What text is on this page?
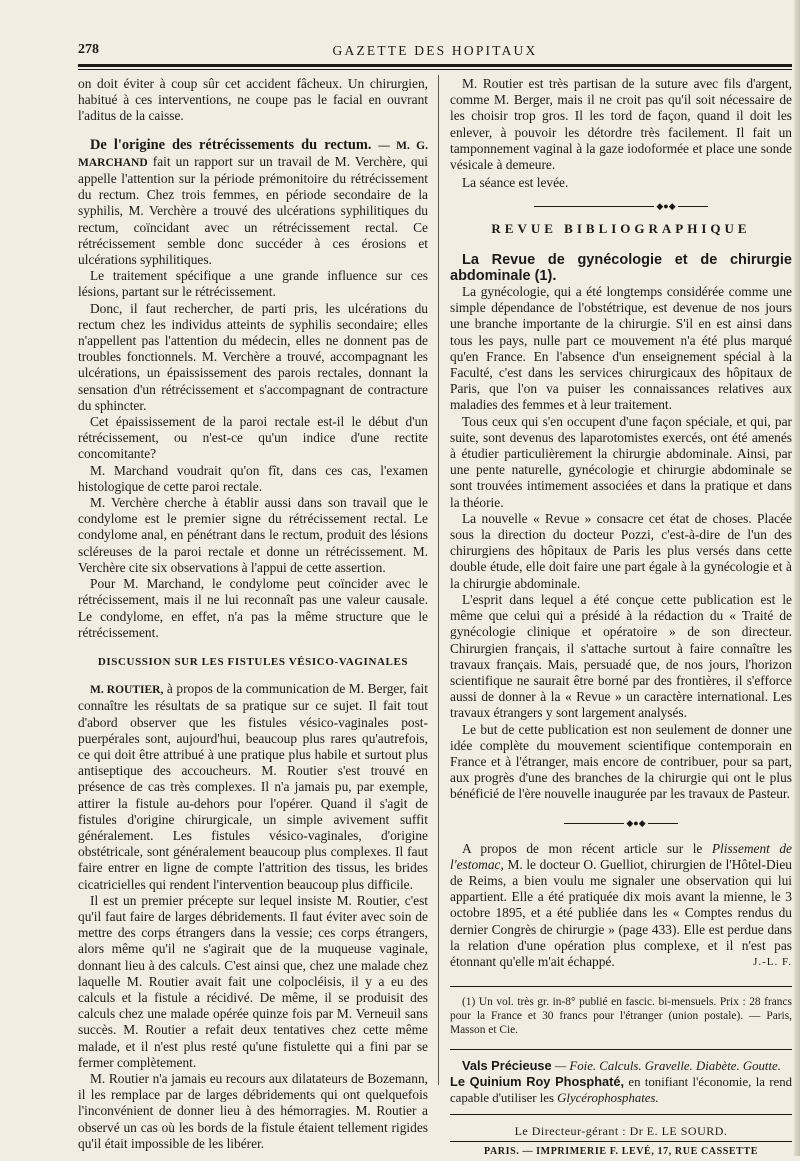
GAZETTE DES HOPITAUX
278

on doit éviter à coup sûr cet accident fâcheux. Un chirurgien, habitué à ces interventions, ne coupe pas le facial en ouvrant l'aditus de la caisse.

De l'origine des rétrécissements du rectum. — M. G. MARCHAND fait un rapport sur un travail de M. Verchère, qui appelle l'attention sur la période prémonitoire du rétrécissement du rectum. Chez trois femmes, en période secondaire de la syphilis, M. Verchère a trouvé des ulcérations syphilitiques du rectum, coïncidant avec un rétrécissement rectal. Ce rétrécissement semble donc succéder à ces érosions et ulcérations syphilitiques.

Le traitement spécifique a une grande influence sur ces lésions, partant sur le rétrécissement.

Donc, il faut rechercher, de parti pris, les ulcérations du rectum chez les individus atteints de syphilis secondaire; elles n'appellent pas l'attention du médecin, elles ne donnent pas de troubles fonctionnels. M. Verchère a trouvé, accompagnant les ulcérations, un épaississement des parois rectales, donnant la sensation d'un rétrécissement et s'accompagnant de contracture du sphincter.

Cet épaississement de la paroi rectale est-il le début d'un rétrécissement, ou n'est-ce qu'un indice d'une rectite concomitante?

M. Marchand voudrait qu'on fît, dans ces cas, l'examen histologique de cette paroi rectale.

M. Verchère cherche à établir aussi dans son travail que le condylome est le premier signe du rétrécissement rectal. Le condylome anal, en pénétrant dans le rectum, produit des lésions scléreuses de la paroi rectale et donne un rétrécissement. M. Verchère cite six observations à l'appui de cette assertion.

Pour M. Marchand, le condylome peut coïncider avec le rétrécissement, mais il ne lui reconnaît pas une valeur causale. Le condylome, en effet, n'a pas la même structure que le rétrécissement.

DISCUSSION SUR LES FISTULES VÉSICO-VAGINALES

M. ROUTIER, à propos de la communication de M. Berger, fait connaître les résultats de sa pratique sur ce sujet. Il fait tout d'abord observer que les fistules vésico-vaginales post-puerpérales sont, aujourd'hui, beaucoup plus rares qu'autrefois, ce qui doit être attribué à une pratique plus habile et surtout plus antiseptique des accoucheurs. M. Routier s'est trouvé en présence de cas très complexes. Il n'a jamais pu, par exemple, attirer la fistule au-dehors pour l'opérer. Quand il s'agit de fistules d'origine chirurgicale, un simple avivement suffit généralement. Les fistules vésico-vaginales, d'origine obstétricale, sont généralement beaucoup plus complexes. Il faut faire entrer en ligne de compte l'attrition des tissus, les brides cicatricielles qui rendent l'intervention beaucoup plus difficile.

Il est un premier précepte sur lequel insiste M. Routier, c'est qu'il faut faire de larges débridements. Il faut éviter avec soin de mettre des corps étrangers dans la vessie; ces corps étrangers, alors même qu'il ne s'agirait que de la muqueuse vaginale, donnant lieu à des calculs. C'est ainsi que, chez une malade chez laquelle M. Routier avait fait une colpocléisis, il y a eu des calculs et la fistule a récidivé. De même, il se produisit des calculs chez une malade opérée quinze fois par M. Verneuil sans succès. M. Routier a refait deux tentatives chez cette même malade, et il n'est plus resté qu'une fistulette qui a fini par se fermer complètement.

M. Routier n'a jamais eu recours aux dilatateurs de Bozemann, il les remplace par de larges débridements qui ont quelquefois l'inconvénient de donner lieu à des hémorragies. M. Routier a observé un cas où les bords de la fistule étaient tellement rigides qu'il était impossible de les libérer.

M. Routier est très partisan de la suture avec fils d'argent, comme M. Berger, mais il ne croit pas qu'il soit nécessaire de les choisir trop gros. Il les tord de façon, quand il doit les enlever, à pouvoir les détordre très facilement. Il fait un tamponnement vaginal à la gaze iodoformée et place une sonde vésicale à demeure.

La séance est levée.

◆●◆
REVUE BIBLIOGRAPHIQUE

La Revue de gynécologie et de chirurgie abdominale (1).

La gynécologie, qui a été longtemps considérée comme une simple dépendance de l'obstétrique, est devenue de nos jours une branche importante de la chirurgie. S'il en est ainsi dans tous les pays, nulle part ce mouvement n'a été plus marqué qu'en France. En l'absence d'un enseignement spécial à la Faculté, c'est dans les services chirurgicaux des hôpitaux de Paris, que l'on va puiser les connaissances relatives aux maladies des femmes et à leur traitement.

Tous ceux qui s'en occupent d'une façon spéciale, et qui, par suite, sont devenus des laparotomistes exercés, ont été amenés à étudier particulièrement la chirurgie abdominale. Ainsi, par une pente naturelle, gynécologie et chirurgie abdominale se sont trouvées intimement associées et dans la pratique et dans la théorie.

La nouvelle « Revue » consacre cet état de choses. Placée sous la direction du docteur Pozzi, c'est-à-dire de l'un des chirurgiens des hôpitaux de Paris les plus versés dans cette double étude, elle doit faire une part égale à la gynécologie et à la chirurgie abdominale.

L'esprit dans lequel a été conçue cette publication est le même que celui qui a présidé à la rédaction du « Traité de gynécologie clinique et opératoire » de son directeur. Chirurgien français, il s'attache surtout à faire connaître les travaux français. Mais, persuadé que, de nos jours, l'horizon scientifique ne saurait être borné par des frontières, il s'efforce aussi de donner à la « Revue » un caractère international. Les travaux étrangers y sont largement analysés.

Le but de cette publication est non seulement de donner une idée complète du mouvement scientifique contemporain en France et à l'étranger, mais encore de contribuer, pour sa part, aux progrès d'une des branches de la chirurgie qui ont le plus bénéficié de l'ère nouvelle inaugurée par les travaux de Pasteur.

◆●◆

A propos de mon récent article sur le Plissement de l'estomac, M. le docteur O. Guelliot, chirurgien de l'Hôtel-Dieu de Reims, a bien voulu me signaler une observation qui lui appartient. Elle a été pratiquée dix mois avant la mienne, le 3 octobre 1895, et a été publiée dans les « Comptes rendus du dernier Congrès de chirurgie » (page 433). Elle est perdue dans la relation d'une opération plus complexe, et il n'est pas étonnant qu'elle m'ait échappé.	J.-L. F.

(1) Un vol. très gr. in-8° publié en fascic. bi-mensuels. Prix : 28 francs pour la France et 30 francs pour l'étranger (union postale). — Paris, Masson et Cie.

Vals Précieuse — Foie. Calculs. Gravelle. Diabète. Goutte.
Le Quinium Roy Phosphaté, en tonifiant l'économie, la rend capable d'utiliser les Glycérophosphates.

Le Directeur-gérant : Dr E. LE SOURD.
PARIS. — IMPRIMERIE F. LEVÉ, 17, RUE CASSETTE
